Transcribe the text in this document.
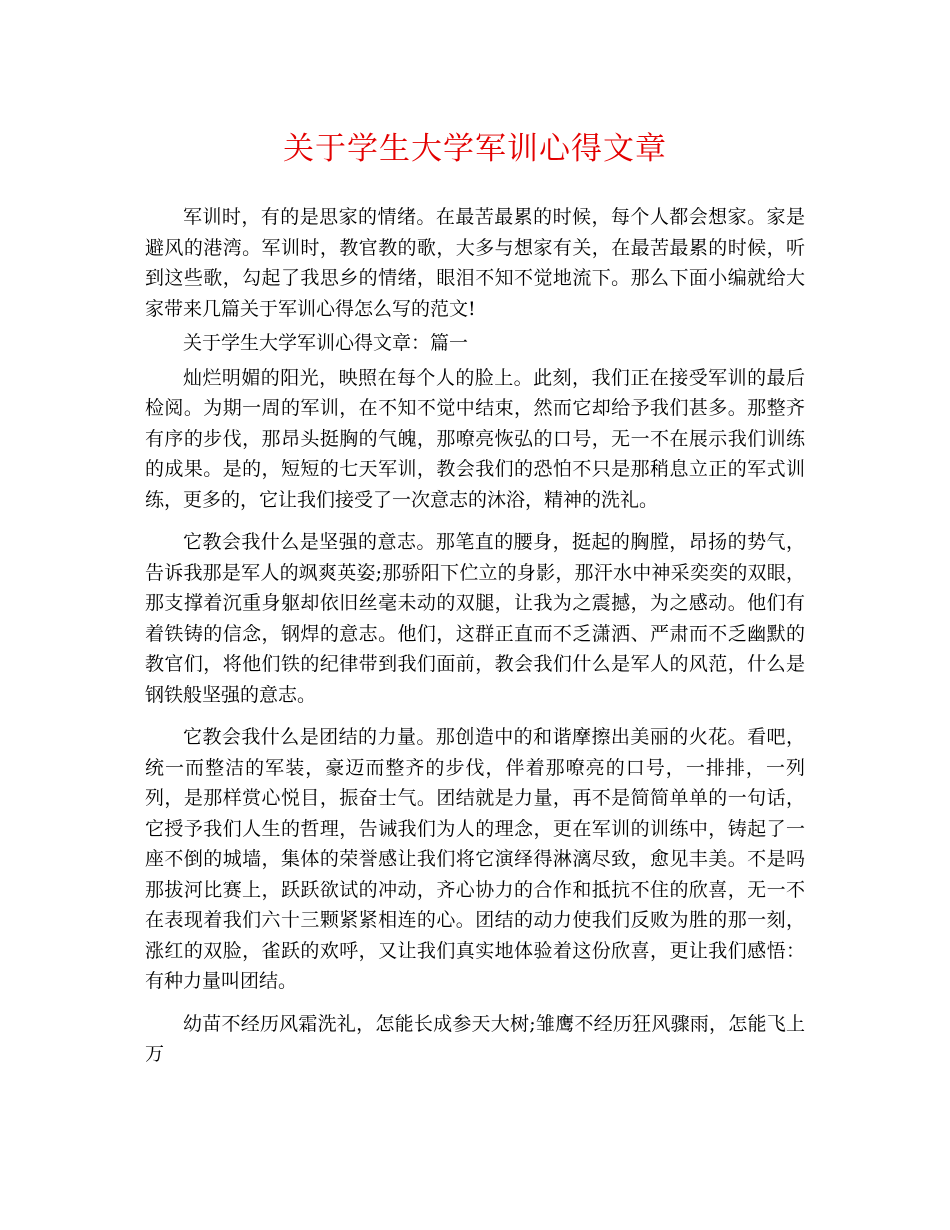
关于学生大学军训心得文章

军训时，有的是思家的情绪。在最苦最累的时候，每个人都会想家。家是避风的港湾。军训时，教官教的歌，大多与想家有关，在最苦最累的时候，听到这些歌，勾起了我思乡的情绪，眼泪不知不觉地流下。那么下面小编就给大家带来几篇关于军训心得怎么写的范文!

关于学生大学军训心得文章：篇一

灿烂明媚的阳光，映照在每个人的脸上。此刻，我们正在接受军训的最后检阅。为期一周的军训，在不知不觉中结束，然而它却给予我们甚多。那整齐有序的步伐，那昂头挺胸的气魄，那嘹亮恢弘的口号，无一不在展示我们训练的成果。是的，短短的七天军训，教会我们的恐怕不只是那稍息立正的军式训练，更多的，它让我们接受了一次意志的沐浴，精神的洗礼。

它教会我什么是坚强的意志。那笔直的腰身，挺起的胸膛，昂扬的势气，告诉我那是军人的飒爽英姿;那骄阳下伫立的身影，那汗水中神采奕奕的双眼，那支撑着沉重身躯却依旧丝毫未动的双腿，让我为之震撼，为之感动。他们有着铁铸的信念，钢焊的意志。他们，这群正直而不乏潇洒、严肃而不乏幽默的教官们，将他们铁的纪律带到我们面前，教会我们什么是军人的风范，什么是钢铁般坚强的意志。

它教会我什么是团结的力量。那创造中的和谐摩擦出美丽的火花。看吧，统一而整洁的军装，豪迈而整齐的步伐，伴着那嘹亮的口号，一排排，一列列，是那样赏心悦目，振奋士气。团结就是力量，再不是简简单单的一句话，它授予我们人生的哲理，告诫我们为人的理念，更在军训的训练中，铸起了一座不倒的城墙，集体的荣誉感让我们将它演绎得淋漓尽致，愈见丰美。不是吗那拔河比赛上，跃跃欲试的冲动，齐心协力的合作和抵抗不住的欣喜，无一不在表现着我们六十三颗紧紧相连的心。团结的动力使我们反败为胜的那一刻，涨红的双脸，雀跃的欢呼，又让我们真实地体验着这份欣喜，更让我们感悟：有种力量叫团结。

幼苗不经历风霜洗礼，怎能长成参天大树;雏鹰不经历狂风骤雨，怎能飞上万
